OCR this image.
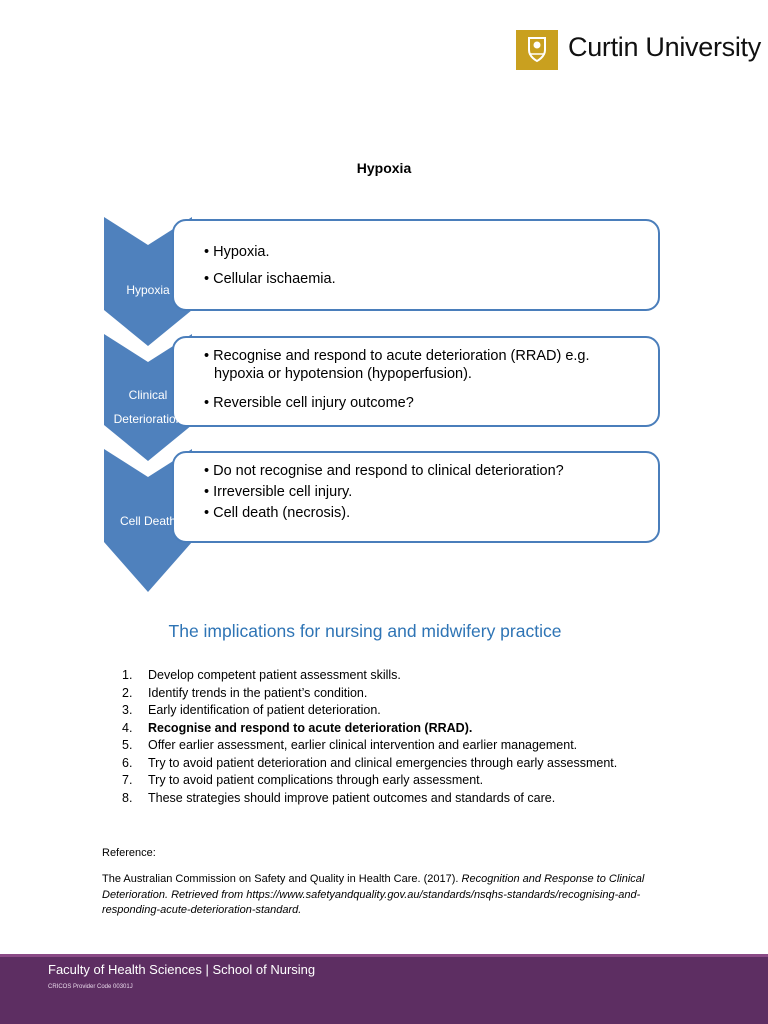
Curtin University
Hypoxia
• Hypoxia.
• Cellular ischaemia.
• Recognise and respond to acute deterioration (RRAD) e.g. hypoxia or hypotension (hypoperfusion).
• Reversible cell injury outcome?
• Do not recognise and respond to clinical deterioration?
• Irreversible cell injury.
• Cell death (necrosis).
Hypoxia
Clinical
Deterioration
Cell Death
The implications for nursing and midwifery practice
1. Develop competent patient assessment skills.
2. Identify trends in the patient’s condition.
3. Early identification of patient deterioration.
4. Recognise and respond to acute deterioration (RRAD).
5. Offer earlier assessment, earlier clinical intervention and earlier management.
6. Try to avoid patient deterioration and clinical emergencies through early assessment.
7. Try to avoid patient complications through early assessment.
8. These strategies should improve patient outcomes and standards of care.
Reference:
The Australian Commission on Safety and Quality in Health Care. (2017). Recognition and Response to Clinical Deterioration. Retrieved from https://www.safetyandquality.gov.au/standards/nsqhs-standards/recognising-and-responding-acute-deterioration-standard.
Faculty of Health Sciences | School of Nursing
CRICOS Provider Code 00301J
